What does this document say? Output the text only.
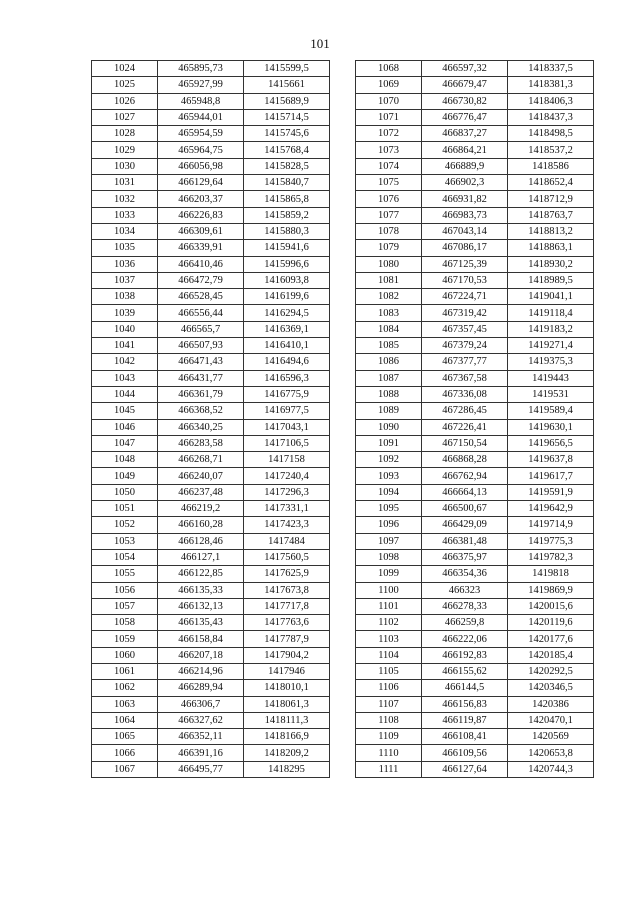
101
1024	465895,73	1415599,5
1025	465927,99	1415661
1026	465948,8	1415689,9
1027	465944,01	1415714,5
1028	465954,59	1415745,6
1029	465964,75	1415768,4
1030	466056,98	1415828,5
1031	466129,64	1415840,7
1032	466203,37	1415865,8
1033	466226,83	1415859,2
1034	466309,61	1415880,3
1035	466339,91	1415941,6
1036	466410,46	1415996,6
1037	466472,79	1416093,8
1038	466528,45	1416199,6
1039	466556,44	1416294,5
1040	466565,7	1416369,1
1041	466507,93	1416410,1
1042	466471,43	1416494,6
1043	466431,77	1416596,3
1044	466361,79	1416775,9
1045	466368,52	1416977,5
1046	466340,25	1417043,1
1047	466283,58	1417106,5
1048	466268,71	1417158
1049	466240,07	1417240,4
1050	466237,48	1417296,3
1051	466219,2	1417331,1
1052	466160,28	1417423,3
1053	466128,46	1417484
1054	466127,1	1417560,5
1055	466122,85	1417625,9
1056	466135,33	1417673,8
1057	466132,13	1417717,8
1058	466135,43	1417763,6
1059	466158,84	1417787,9
1060	466207,18	1417904,2
1061	466214,96	1417946
1062	466289,94	1418010,1
1063	466306,7	1418061,3
1064	466327,62	1418111,3
1065	466352,11	1418166,9
1066	466391,16	1418209,2
1067	466495,77	1418295
1068	466597,32	1418337,5
1069	466679,47	1418381,3
1070	466730,82	1418406,3
1071	466776,47	1418437,3
1072	466837,27	1418498,5
1073	466864,21	1418537,2
1074	466889,9	1418586
1075	466902,3	1418652,4
1076	466931,82	1418712,9
1077	466983,73	1418763,7
1078	467043,14	1418813,2
1079	467086,17	1418863,1
1080	467125,39	1418930,2
1081	467170,53	1418989,5
1082	467224,71	1419041,1
1083	467319,42	1419118,4
1084	467357,45	1419183,2
1085	467379,24	1419271,4
1086	467377,77	1419375,3
1087	467367,58	1419443
1088	467336,08	1419531
1089	467286,45	1419589,4
1090	467226,41	1419630,1
1091	467150,54	1419656,5
1092	466868,28	1419637,8
1093	466762,94	1419617,7
1094	466664,13	1419591,9
1095	466500,67	1419642,9
1096	466429,09	1419714,9
1097	466381,48	1419775,3
1098	466375,97	1419782,3
1099	466354,36	1419818
1100	466323	1419869,9
1101	466278,33	1420015,6
1102	466259,8	1420119,6
1103	466222,06	1420177,6
1104	466192,83	1420185,4
1105	466155,62	1420292,5
1106	466144,5	1420346,5
1107	466156,83	1420386
1108	466119,87	1420470,1
1109	466108,41	1420569
1110	466109,56	1420653,8
1111	466127,64	1420744,3
